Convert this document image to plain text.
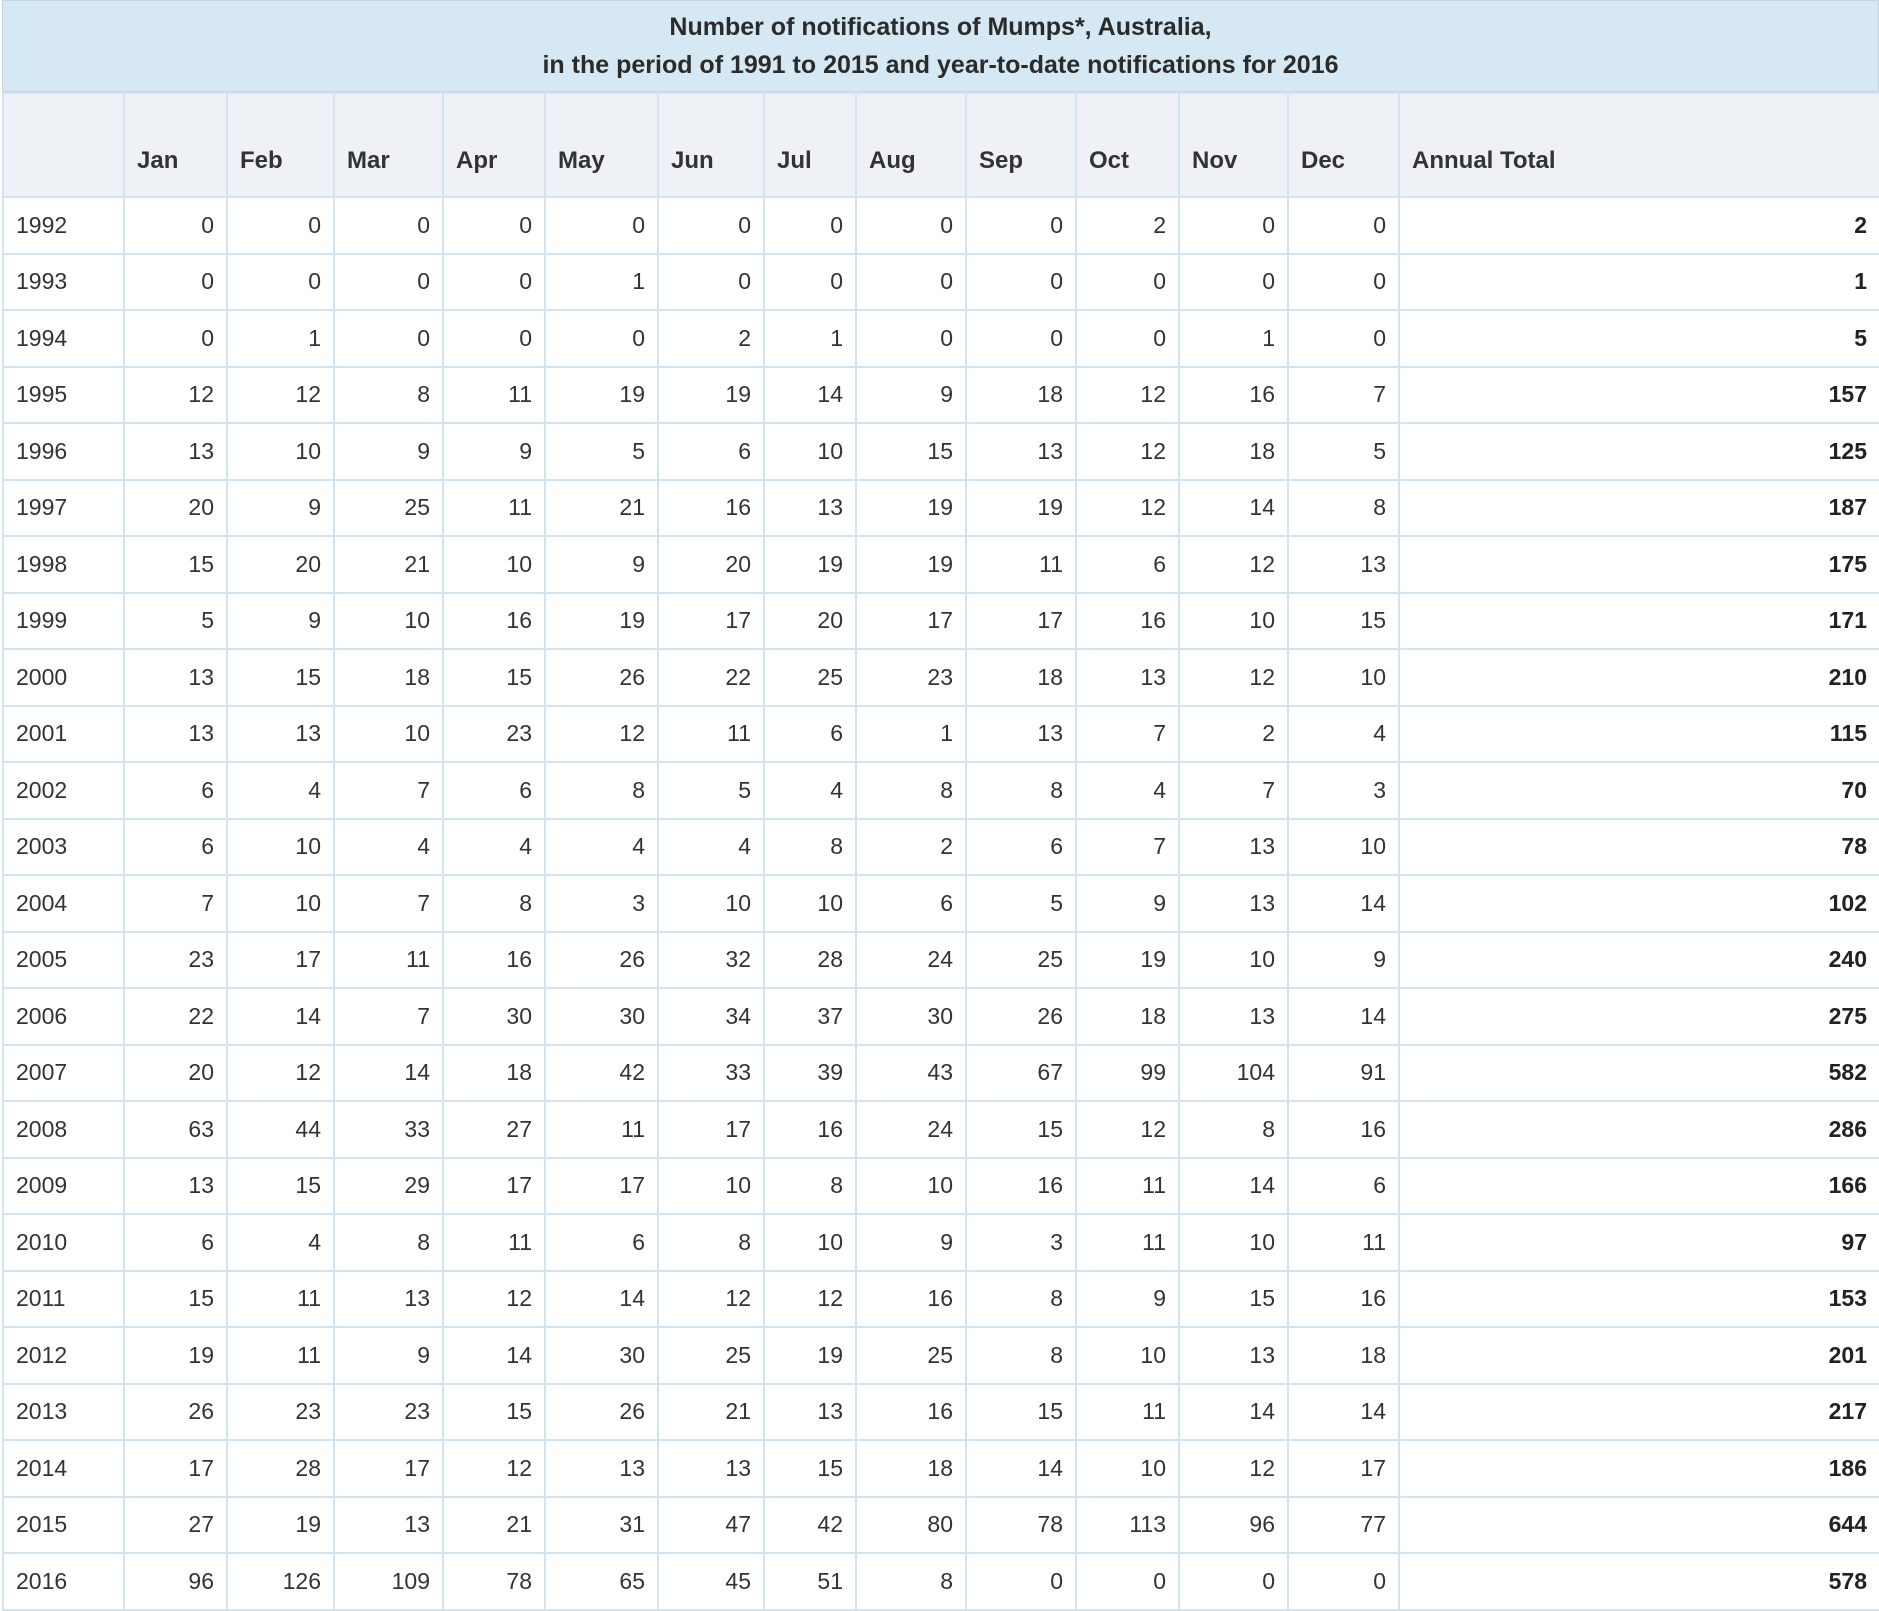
Number of notifications of Mumps*, Australia,
in the period of 1991 to 2015 and year-to-date notifications for 2016
	Jan	Feb	Mar	Apr	May	Jun	Jul	Aug	Sep	Oct	Nov	Dec	Annual Total
1992	0	0	0	0	0	0	0	0	0	2	0	0	2
1993	0	0	0	0	1	0	0	0	0	0	0	0	1
1994	0	1	0	0	0	2	1	0	0	0	1	0	5
1995	12	12	8	11	19	19	14	9	18	12	16	7	157
1996	13	10	9	9	5	6	10	15	13	12	18	5	125
1997	20	9	25	11	21	16	13	19	19	12	14	8	187
1998	15	20	21	10	9	20	19	19	11	6	12	13	175
1999	5	9	10	16	19	17	20	17	17	16	10	15	171
2000	13	15	18	15	26	22	25	23	18	13	12	10	210
2001	13	13	10	23	12	11	6	1	13	7	2	4	115
2002	6	4	7	6	8	5	4	8	8	4	7	3	70
2003	6	10	4	4	4	4	8	2	6	7	13	10	78
2004	7	10	7	8	3	10	10	6	5	9	13	14	102
2005	23	17	11	16	26	32	28	24	25	19	10	9	240
2006	22	14	7	30	30	34	37	30	26	18	13	14	275
2007	20	12	14	18	42	33	39	43	67	99	104	91	582
2008	63	44	33	27	11	17	16	24	15	12	8	16	286
2009	13	15	29	17	17	10	8	10	16	11	14	6	166
2010	6	4	8	11	6	8	10	9	3	11	10	11	97
2011	15	11	13	12	14	12	12	16	8	9	15	16	153
2012	19	11	9	14	30	25	19	25	8	10	13	18	201
2013	26	23	23	15	26	21	13	16	15	11	14	14	217
2014	17	28	17	12	13	13	15	18	14	10	12	17	186
2015	27	19	13	21	31	47	42	80	78	113	96	77	644
2016	96	126	109	78	65	45	51	8	0	0	0	0	578
